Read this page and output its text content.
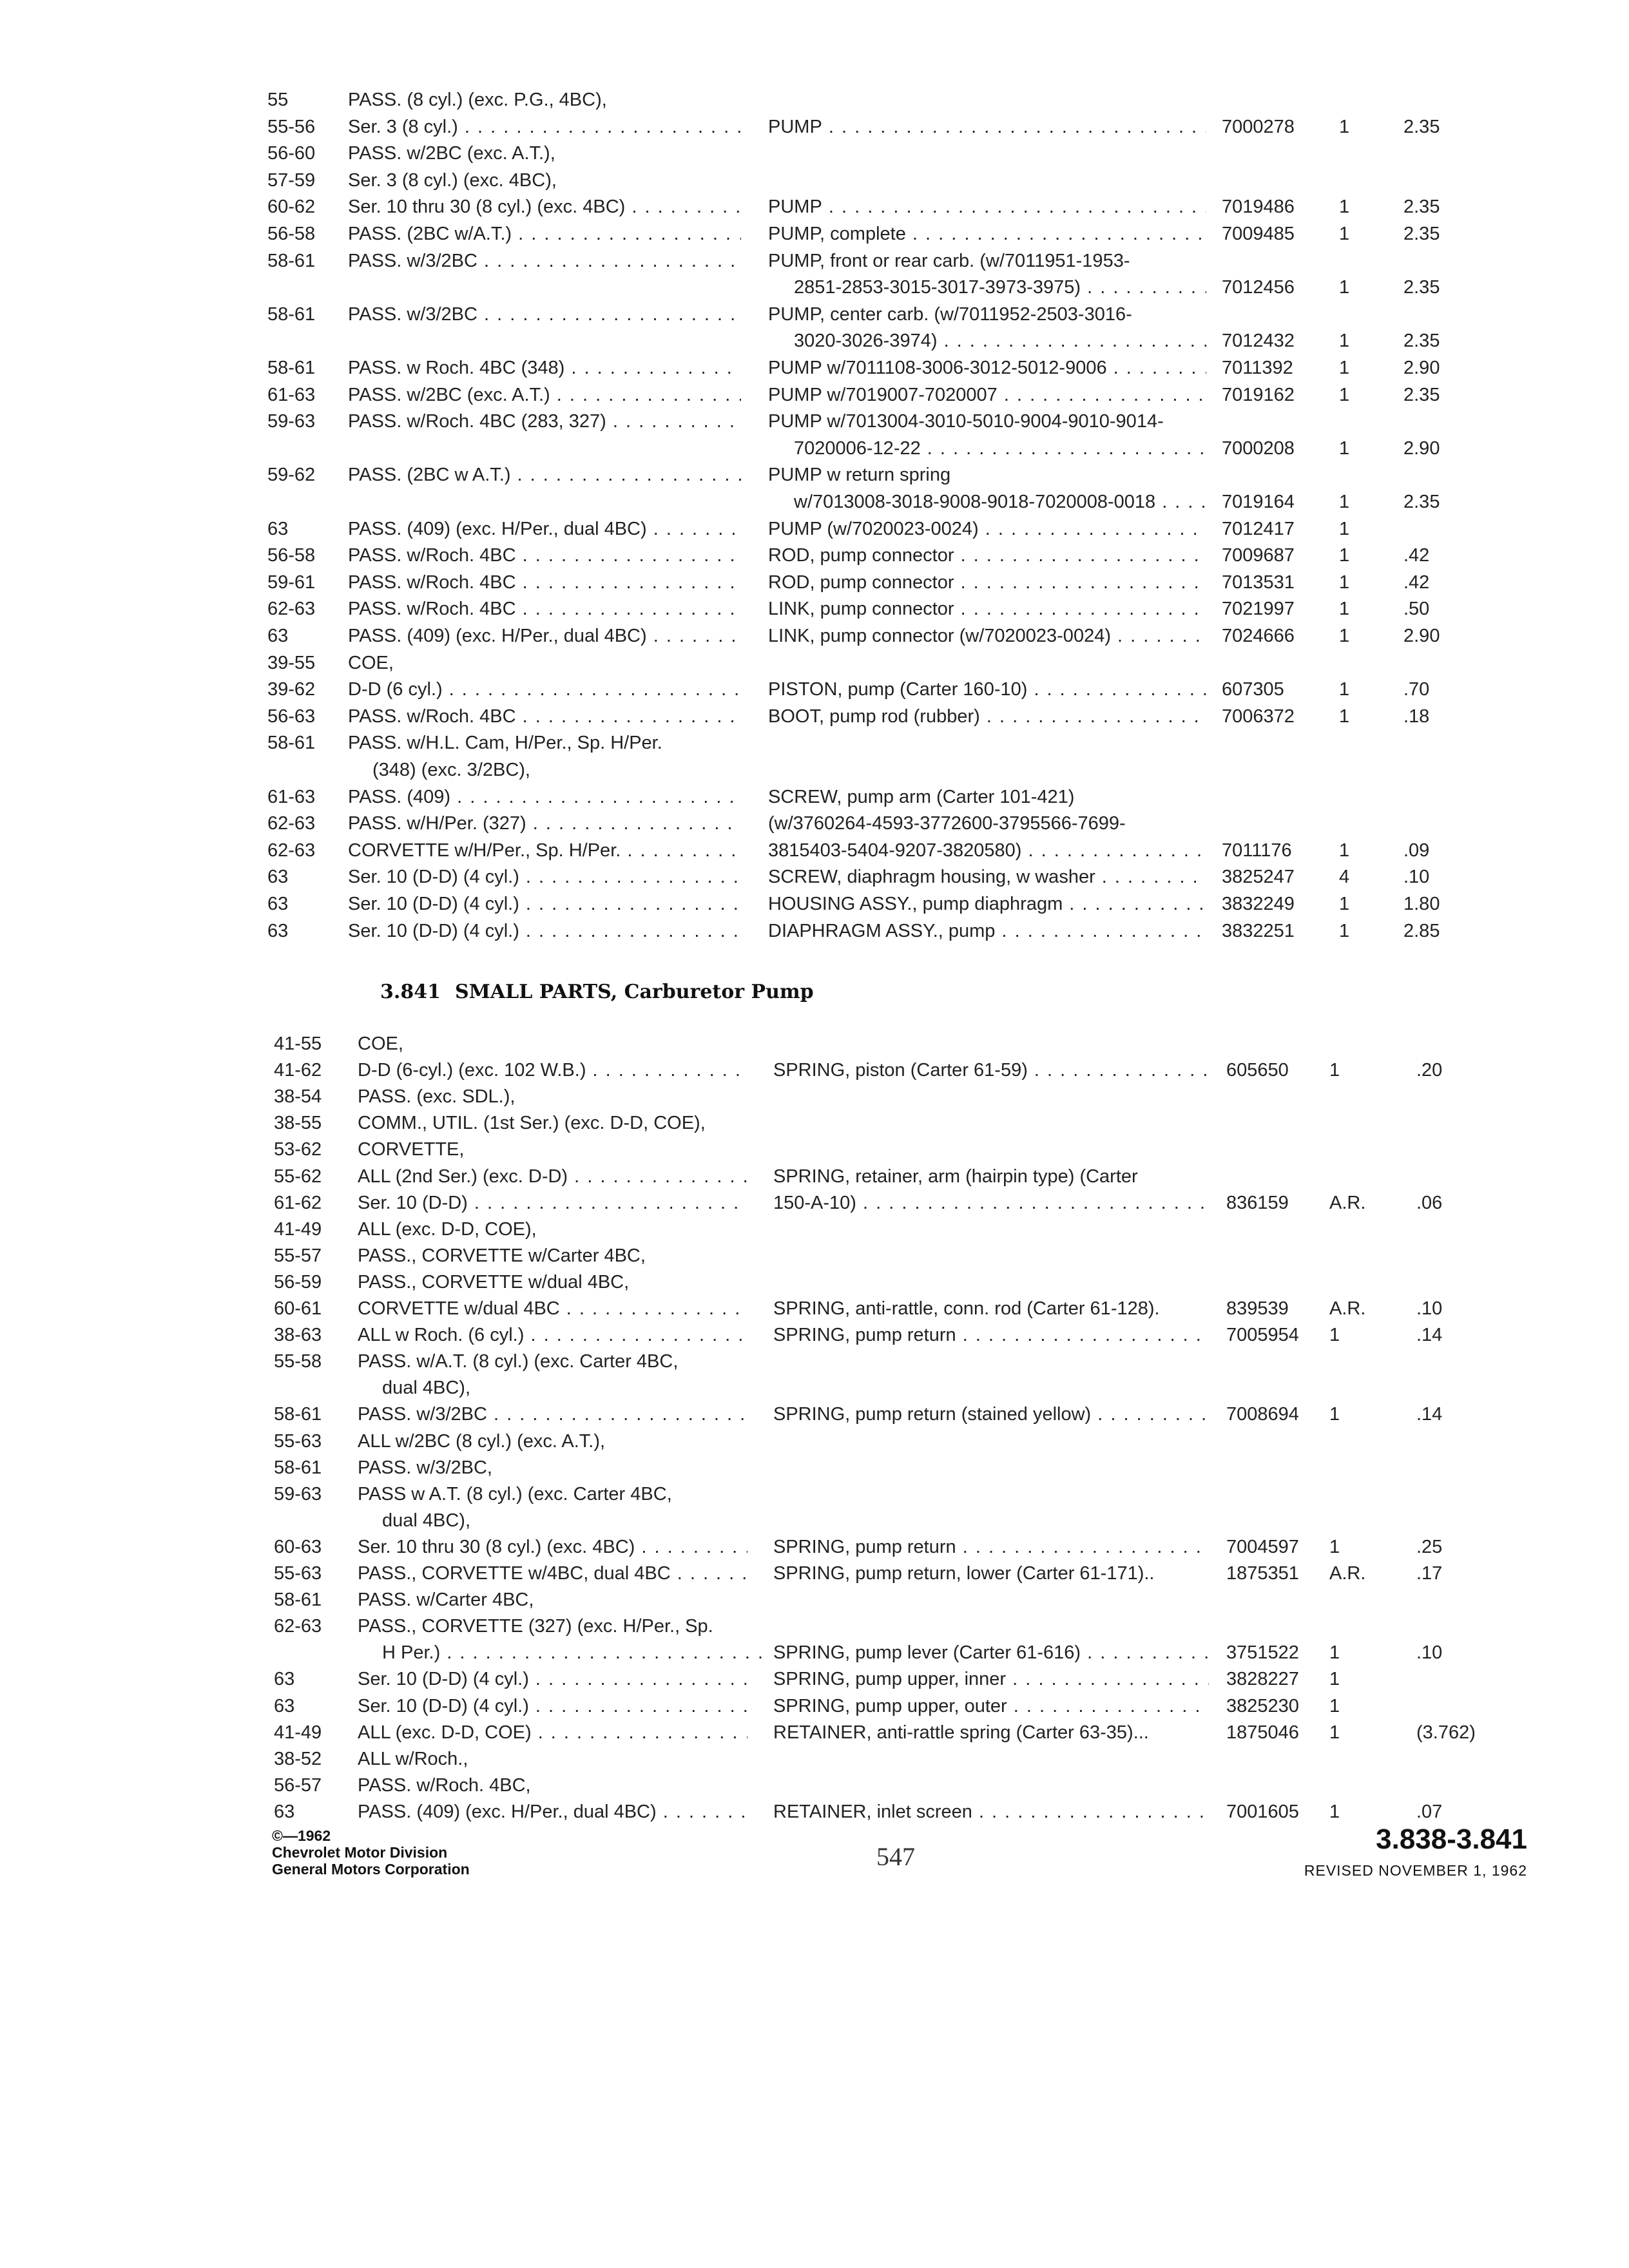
55	PASS. (8 cyl.) (exc. P.G., 4BC),
55-56 Ser. 3 (8 cyl.) . . .	PUMP . . .	7000278 1	2.35
56-60 PASS. w/2BC (exc. A.T.),
57-59 Ser. 3 (8 cyl.) (exc. 4BC),
60-62 Ser. 10 thru 30 (8 cyl.) (exc. 4BC) . . .	PUMP . . .	7019486 1	2.35
56-58 PASS. (2BC w/A.T.) . . .	PUMP, complete . . .	7009485 1	2.35
58-61 PASS. w/3/2BC . . .	PUMP, front or rear carb. (w/7011951-1953-
2851-2853-3015-3017-3973-3975) . . .	7012456 1	2.35
58-61 PASS. w/3/2BC . . .	PUMP, center carb. (w/7011952-2503-3016-
3020-3026-3974) . . .	7012432 1	2.35
58-61 PASS. w Roch. 4BC (348) . . .	PUMP w/7011108-3006-3012-5012-9006 . . .	7011392 1	2.90
61-63 PASS. w/2BC (exc. A.T.) . . .	PUMP w/7019007-7020007 . . .	7019162 1	2.35
59-63 PASS. w/Roch. 4BC (283, 327) . . .	PUMP w/7013004-3010-5010-9004-9010-9014-
7020006-12-22 . . .	7000208 1	2.90
59-62 PASS. (2BC w A.T.) . . .	PUMP w return spring
w/7013008-3018-9008-9018-7020008-0018 . . .	7019164 1	2.35
63	PASS. (409) (exc. H/Per., dual 4BC) . . .	PUMP (w/7020023-0024) . . .	7012417 1
56-58 PASS. w/Roch. 4BC . . .	ROD, pump connector . . .	7009687 1	.42
59-61 PASS. w/Roch. 4BC . . .	ROD, pump connector . . .	7013531 1	.42
62-63 PASS. w/Roch. 4BC . . .	LINK, pump connector . . .	7021997 1	.50
63	PASS. (409) (exc. H/Per., dual 4BC) . . .	LINK, pump connector (w/7020023-0024) . . .	7024666 1	2.90
39-55 COE,
39-62 D-D (6 cyl.) . . .	PISTON, pump (Carter 160-10) . . .	607305	1	.70
56-63 PASS. w/Roch. 4BC . . .	BOOT, pump rod (rubber) . . .	7006372 1	.18
58-61 PASS. w/H.L. Cam, H/Per., Sp. H/Per.
(348) (exc. 3/2BC),
61-63 PASS. (409) . . .	SCREW, pump arm (Carter 101-421)
62-63 PASS. w/H/Per. (327) . . .	(w/3760264-4593-3772600-3795566-7699-
62-63 CORVETTE w/H/Per., Sp. H/Per. . . .	3815403-5404-9207-3820580) . . .	7011176	1	.09
63	Ser. 10 (D-D) (4 cyl.) . . .	SCREW, diaphragm housing, w washer . . .	3825247 4	.10
63	Ser. 10 (D-D) (4 cyl.) . . .	HOUSING ASSY., pump diaphragm . . .	3832249 1	1.80
63	Ser. 10 (D-D) (4 cyl.) . . .	DIAPHRAGM ASSY., pump . . .	3832251 1	2.85
3.841 SMALL PARTS, Carburetor Pump
41-55 COE,
41-62 D-D (6-cyl.) (exc. 102 W.B.) . . .	SPRING, piston (Carter 61-59) . . .	605650 1	.20
38-54 PASS. (exc. SDL.),
38-55 COMM., UTIL. (1st Ser.) (exc. D-D, COE),
53-62 CORVETTE,
55-62 ALL (2nd Ser.) (exc. D-D) . . .	SPRING, retainer, arm (hairpin type) (Carter
61-62 Ser. 10 (D-D) . . .	150-A-10) . . .	836159 A.R.	.06
41-49 ALL (exc. D-D, COE),
55-57 PASS., CORVETTE w/Carter 4BC,
56-59 PASS., CORVETTE w/dual 4BC,
60-61 CORVETTE w/dual 4BC . . .	SPRING, anti-rattle, conn. rod (Carter 61-128).	839539 A.R.	.10
38-63 ALL w Roch. (6 cyl.) . . .	SPRING, pump return . . .	7005954 1	.14
55-58 PASS. w/A.T. (8 cyl.) (exc. Carter 4BC,
dual 4BC),
58-61 PASS. w/3/2BC . . .	SPRING, pump return (stained yellow) . . .	7008694 1	.14
55-63 ALL w/2BC (8 cyl.) (exc. A.T.),
58-61 PASS. w/3/2BC,
59-63 PASS w A.T. (8 cyl.) (exc. Carter 4BC,
dual 4BC),
60-63 Ser. 10 thru 30 (8 cyl.) (exc. 4BC) . . .	SPRING, pump return . . .	7004597 1	.25
55-63 PASS., CORVETTE w/4BC, dual 4BC . . .	SPRING, pump return, lower (Carter 61-171)..	1875351 A.R.	.17
58-61 PASS. w/Carter 4BC,
62-63 PASS., CORVETTE (327) (exc. H/Per., Sp.
H Per.) . . .	SPRING, pump lever (Carter 61-616) . . .	3751522 1	.10
63	Ser. 10 (D-D) (4 cyl.) . . .	SPRING, pump upper, inner . . .	3828227 1
63	Ser. 10 (D-D) (4 cyl.) . . .	SPRING, pump upper, outer . . .	3825230 1
41-49 ALL (exc. D-D, COE) . . .	RETAINER, anti-rattle spring (Carter 63-35)...	1875046 1	(3.762)
38-52 ALL w/Roch.,
56-57 PASS. w/Roch. 4BC,
63	PASS. (409) (exc. H/Per., dual 4BC) . . .	RETAINER, inlet screen . . .	7001605 1	.07
©—1962
Chevrolet Motor Division
General Motors Corporation	547
3.838-3.841
REVISED NOVEMBER 1, 1962
